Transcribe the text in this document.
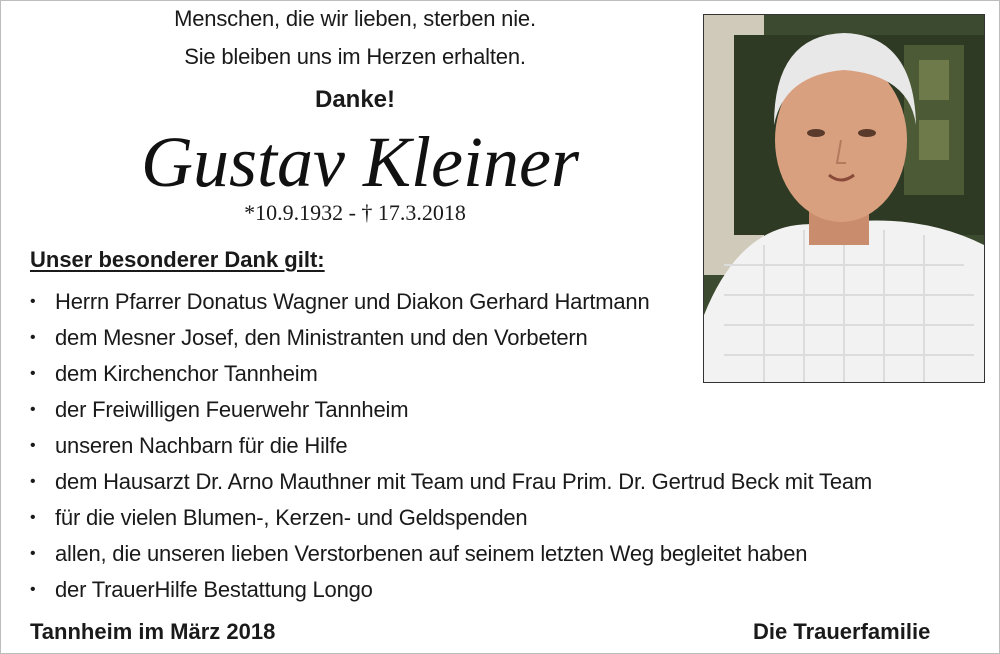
Menschen, die wir lieben, sterben nie.
Sie bleiben uns im Herzen erhalten.
Danke!
Gustav Kleiner
*10.9.1932 - † 17.3.2018
Unser besonderer Dank gilt:
• Herrn Pfarrer Donatus Wagner und Diakon Gerhard Hartmann
• dem Mesner Josef, den Ministranten und den Vorbetern
• dem Kirchenchor Tannheim
• der Freiwilligen Feuerwehr Tannheim
• unseren Nachbarn für die Hilfe
• dem Hausarzt Dr. Arno Mauthner mit Team und Frau Prim. Dr. Gertrud Beck mit Team
• für die vielen Blumen-, Kerzen- und Geldspenden
• allen, die unseren lieben Verstorbenen auf seinem letzten Weg begleitet haben
• der TrauerHilfe Bestattung Longo
Tannheim im März 2018	Die Trauerfamilie
